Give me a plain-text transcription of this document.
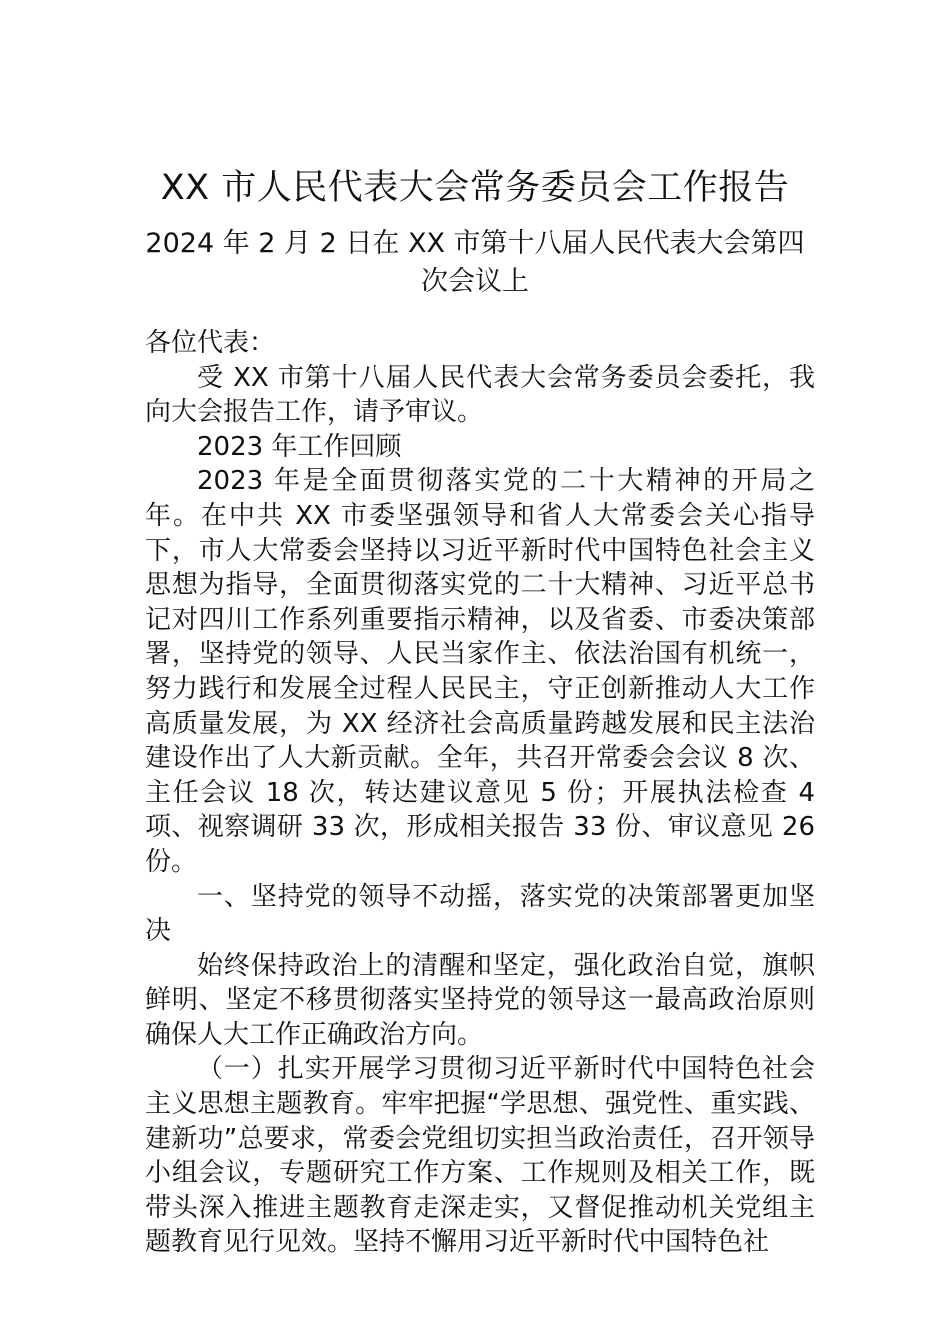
XX 市人民代表大会常务委员会工作报告
2024 年 2 月 2 日在 XX 市第十八届人民代表大会第四次会议上

各位代表：

受 XX 市第十八届人民代表大会常务委员会委托，我向大会报告工作，请予审议。

2023 年工作回顾

2023 年是全面贯彻落实党的二十大精神的开局之年。在中共 XX 市委坚强领导和省人大常委会关心指导下，市人大常委会坚持以习近平新时代中国特色社会主义思想为指导，全面贯彻落实党的二十大精神、习近平总书记对四川工作系列重要指示精神，以及省委、市委决策部署，坚持党的领导、人民当家作主、依法治国有机统一，努力践行和发展全过程人民民主，守正创新推动人大工作高质量发展，为 XX 经济社会高质量跨越发展和民主法治建设作出了人大新贡献。全年，共召开常委会会议 8 次、主任会议 18 次，转达建议意见 5 份；开展执法检查 4 项、视察调研 33 次，形成相关报告 33 份、审议意见 26 份。

一、坚持党的领导不动摇，落实党的决策部署更加坚决

始终保持政治上的清醒和坚定，强化政治自觉，旗帜鲜明、坚定不移贯彻落实坚持党的领导这一最高政治原则确保人大工作正确政治方向。

（一）扎实开展学习贯彻习近平新时代中国特色社会主义思想主题教育。牢牢把握“学思想、强党性、重实践、建新功”总要求，常委会党组切实担当政治责任，召开领导小组会议，专题研究工作方案、工作规则及相关工作，既带头深入推进主题教育走深走实，又督促推动机关党组主题教育见行见效。坚持不懈用习近平新时代中国特色社
